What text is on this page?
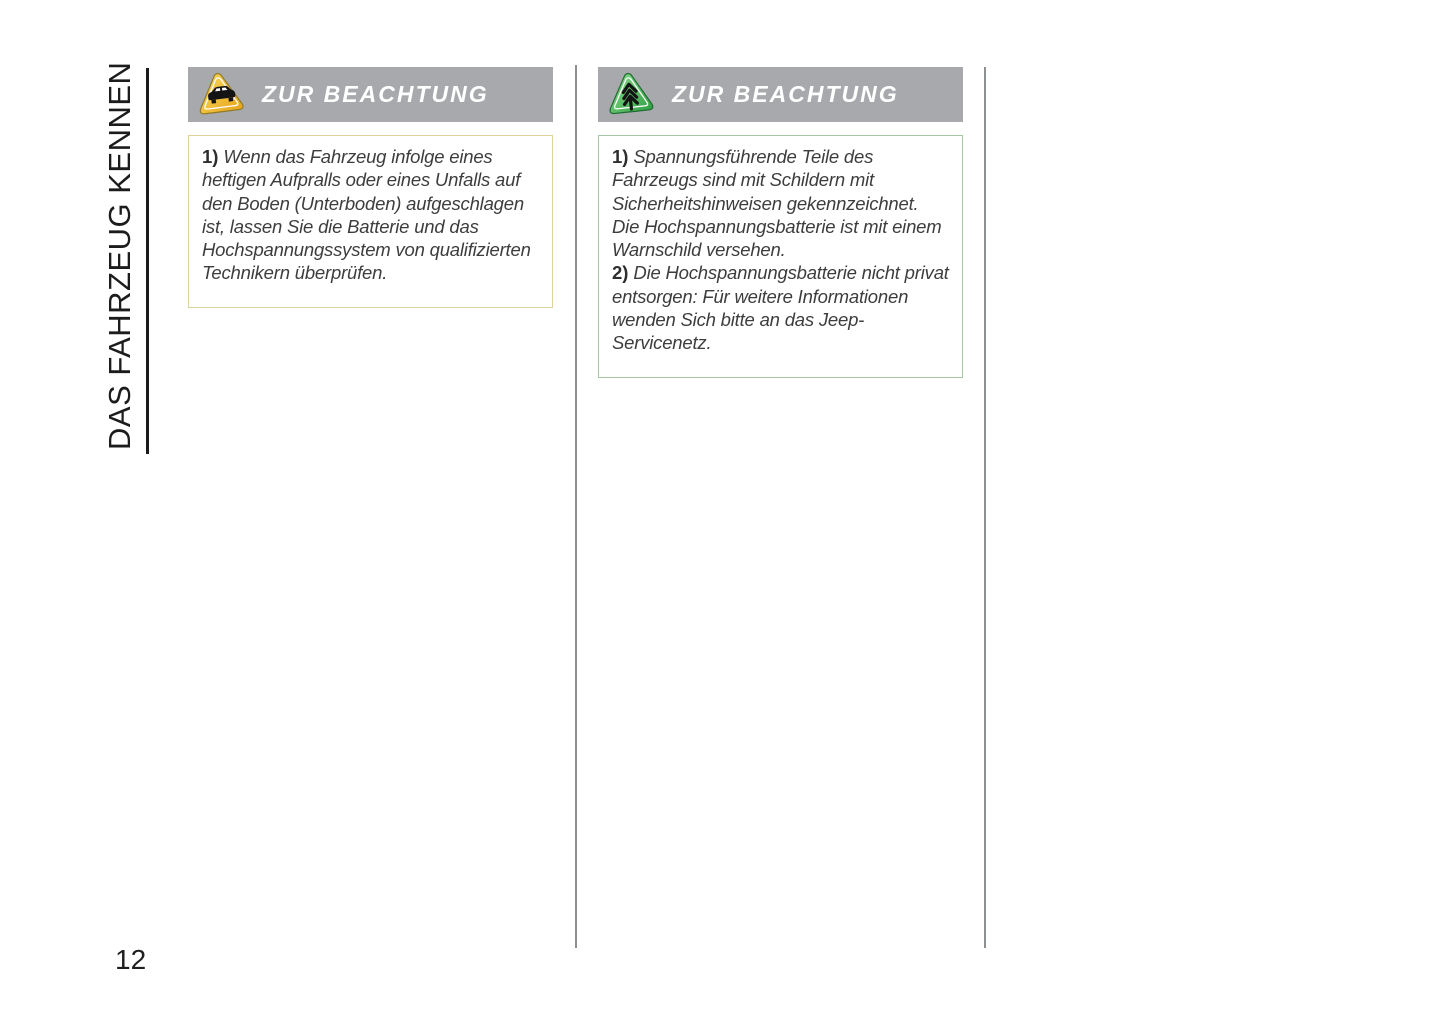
DAS FAHRZEUG KENNEN	ZUR BEACHTUNG

1) Wenn das Fahrzeug infolge eines heftigen Aufpralls oder eines Unfalls auf den Boden (Unterboden) aufgeschlagen ist, lassen Sie die Batterie und das Hochspannungssystem von qualifizierten Technikern überprüfen.

ZUR BEACHTUNG

1) Spannungsführende Teile des Fahrzeugs sind mit Schildern mit Sicherheitshinweisen gekennzeichnet. Die Hochspannungsbatterie ist mit einem Warnschild versehen.

2) Die Hochspannungsbatterie nicht privat entsorgen: Für weitere Informationen wenden Sich bitte an das Jeep-Servicenetz.

12
